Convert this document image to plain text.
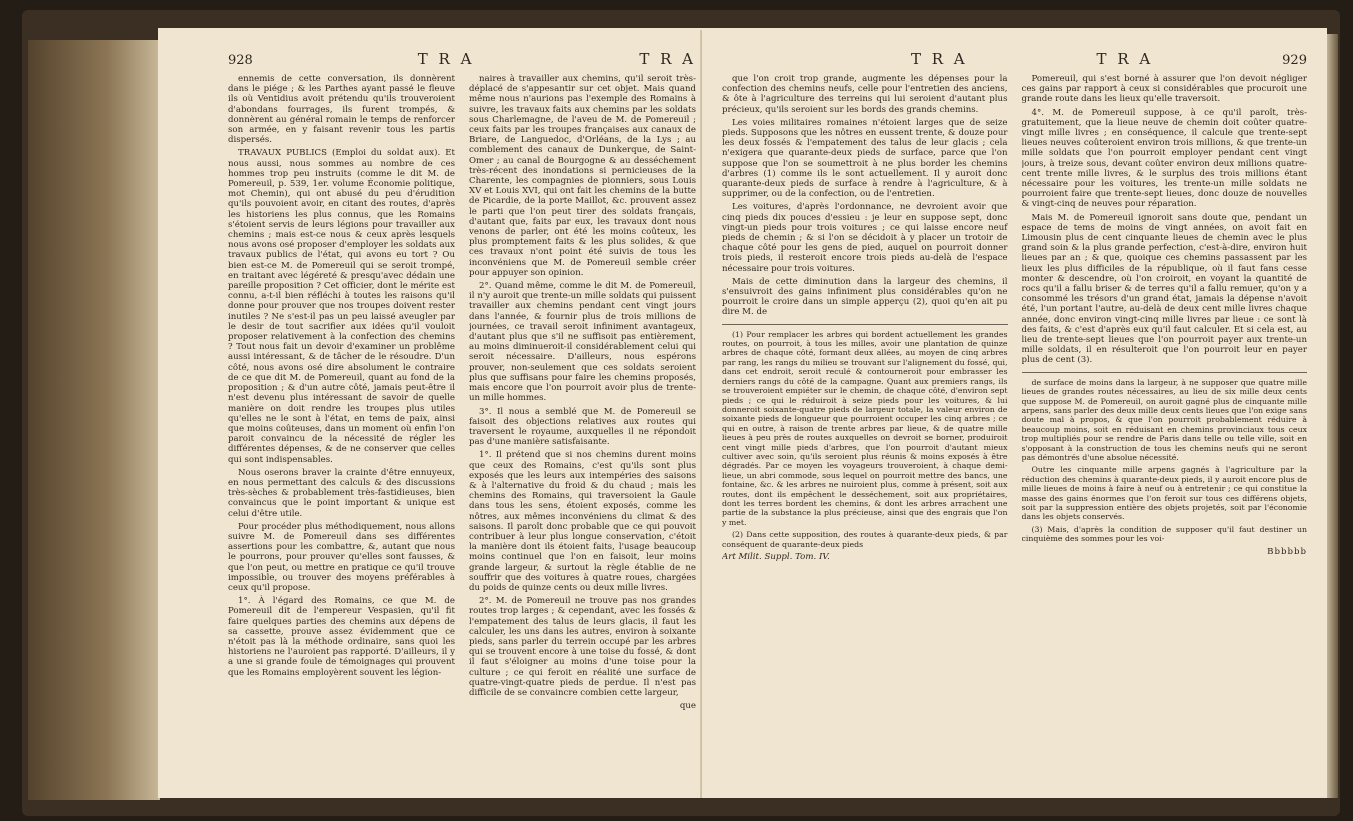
928	T R A	T R A

ennemis de cette conversation, ils donnèrent dans le piége ; & les Parthes ayant passé le fleuve ils où Ventidius avoit prétendu qu'ils trouveroient d'abondans fourrages, ils furent trompés, & donnèrent au général romain le temps de renforcer son armée, en y faisant revenir tous les partis dispersés.

TRAVAUX PUBLICS (Emploi du soldat aux). Et nous aussi, nous sommes au nombre de ces hommes trop peu instruits (comme le dit M. de Pomereuil, p. 539, 1er. volume Économie politique, mot Chemin), qui ont abusé du peu d'érudition qu'ils pouvoient avoir, en citant des routes, d'après les historiens les plus connus, que les Romains s'étoient servis de leurs légions pour travailler aux chemins ; mais est-ce nous & ceux après lesquels nous avons osé proposer d'employer les soldats aux travaux publics de l'état, qui avons eu tort ? Ou bien est-ce M. de Pomereuil qui se seroit trompé, en traitant avec légéreté & presqu'avec dédain une pareille proposition ? Cet officier, dont le mérite est connu, a-t-il bien réfléchi à toutes les raisons qu'il donne pour prouver que nos troupes doivent rester inutiles ? Ne s'est-il pas un peu laissé aveugler par le desir de tout sacrifier aux idées qu'il vouloit proposer relativement à la confection des chemins ? Tout nous fait un devoir d'examiner un problême aussi intéressant, & de tâcher de le résoudre. D'un côté, nous avons osé dire absolument le contraire de ce que dit M. de Pomereuil, quant au fond de la proposition ; & d'un autre côté, jamais peut-être il n'est devenu plus intéressant de savoir de quelle manière on doit rendre les troupes plus utiles qu'elles ne le sont à l'état, en tems de paix, ainsi que moins coûteuses, dans un moment où enfin l'on paroit convaincu de la nécessité de régler les différentes dépenses, & de ne conserver que celles qui sont indispensables.

Nous oserons braver la crainte d'être ennuyeux, en nous permettant des calculs & des discussions très-sèches & probablement très-fastidieuses, bien convaincus que le point important & unique est celui d'être utile.

Pour procéder plus méthodiquement, nous allons suivre M. de Pomereuil dans ses différentes assertions pour les combattre, &, autant que nous le pourrons, pour prouver qu'elles sont fausses, & que l'on peut, ou mettre en pratique ce qu'il trouve impossible, ou trouver des moyens préférables à ceux qu'il propose.

1°. À l'égard des Romains, ce que M. de Pomereuil dit de l'empereur Vespasien, qu'il fit faire quelques parties des chemins aux dépens de sa cassette, prouve assez évidemment que ce n'étoit pas là la méthode ordinaire, sans quoi les historiens ne l'auroient pas rapporté. D'ailleurs, il y a une si grande foule de témoignages qui prouvent que les Romains employèrent souvent les légion-

naires à travailler aux chemins, qu'il seroit très-déplacé de s'appesantir sur cet objet. Mais quand même nous n'aurions pas l'exemple des Romains à suivre, les travaux faits aux chemins par les soldats sous Charlemagne, de l'aveu de M. de Pomereuil ; ceux faits par les troupes françaises aux canaux de Briare, de Languedoc, d'Orléans, de la Lys ; au comblement des canaux de Dunkerque, de Saint-Omer ; au canal de Bourgogne & au desséchement très-récent des inondations si pernicieuses de la Charente, les compagnies de pionniers, sous Louis XV et Louis XVI, qui ont fait les chemins de la butte de Picardie, de la porte Maillot, &c. prouvent assez le parti que l'on peut tirer des soldats français, d'autant que, faits par eux, les travaux dont nous venons de parler, ont été les moins coûteux, les plus promptement faits & les plus solides, & que ces travaux n'ont point été suivis de tous les inconvéniens que M. de Pomereuil semble créer pour appuyer son opinion.

2°. Quand même, comme le dit M. de Pomereuil, il n'y auroit que trente-un mille soldats qui puissent travailler aux chemins pendant cent vingt jours dans l'année, & fournir plus de trois millions de journées, ce travail seroit infiniment avantageux, d'autant plus que s'il ne suffisoit pas entièrement, au moins diminueroit-il considérablement celui qui seroit nécessaire. D'ailleurs, nous espérons prouver, non-seulement que ces soldats seroient plus que suffisans pour faire les chemins proposés, mais encore que l'on pourroit avoir plus de trente-un mille hommes.

3°. Il nous a semblé que M. de Pomereuil se faisoit des objections relatives aux routes qui traversent le royaume, auxquelles il ne répondoit pas d'une manière satisfaisante.

1°. Il prétend que si nos chemins durent moins que ceux des Romains, c'est qu'ils sont plus exposés que les leurs aux intempéries des saisons & à l'alternative du froid & du chaud ; mais les chemins des Romains, qui traversoient la Gaule dans tous les sens, étoient exposés, comme les nôtres, aux mêmes inconvéniens du climat & des saisons. Il paroît donc probable que ce qui pouvoit contribuer à leur plus longue conservation, c'étoit la manière dont ils étoient faits, l'usage beaucoup moins continuel que l'on en faisoit, leur moins grande largeur, & surtout la règle établie de ne souffrir que des voitures à quatre roues, chargées du poids de quinze cents ou deux mille livres.

2°. M. de Pomereuil ne trouve pas nos grandes routes trop larges ; & cependant, avec les fossés & l'empatement des talus de leurs glacis, il faut les calculer, les uns dans les autres, environ à soixante pieds, sans parler du terrein occupé par les arbres qui se trouvent encore à une toise du fossé, & dont il faut s'éloigner au moins d'une toise pour la culture ; ce qui feroit en réalité une surface de quatre-vingt-quatre pieds de perdue. Il n'est pas difficile de se convaincre combien cette largeur,

que
T R A	T R A	929

que l'on croit trop grande, augmente les dépenses pour la confection des chemins neufs, celle pour l'entretien des anciens, & ôte à l'agriculture des terreins qui lui seroient d'autant plus précieux, qu'ils seroient sur les bords des grands chemins.

Les voies militaires romaines n'étoient larges que de seize pieds. Supposons que les nôtres en eussent trente, & douze pour les deux fossés & l'empatement des talus de leur glacis ; cela n'exigera que quarante-deux pieds de surface, parce que l'on suppose que l'on se soumettroit à ne plus border les chemins d'arbres (1) comme ils le sont actuellement. Il y auroit donc quarante-deux pieds de surface à rendre à l'agriculture, & à supprimer, ou de la confection, ou de l'entretien.

Les voitures, d'après l'ordonnance, ne devroient avoir que cinq pieds dix pouces d'essieu : je leur en suppose sept, donc vingt-un pieds pour trois voitures ; ce qui laisse encore neuf pieds de chemin ; & si l'on se décidoit à y placer un trotoir de chaque côté pour les gens de pied, auquel on pourroit donner trois pieds, il resteroit encore trois pieds au-delà de l'espace nécessaire pour trois voitures.

Mais de cette diminution dans la largeur des chemins, il s'ensuivroit des gains infiniment plus considérables qu'on ne pourroit le croire dans un simple apperçu (2), quoi qu'en ait pu dire M. de

(1) Pour remplacer les arbres qui bordent actuellement les grandes routes, on pourroit, à tous les milles, avoir une plantation de quinze arbres de chaque côté, formant deux allées, au moyen de cinq arbres par rang, les rangs du milieu se trouvant sur l'alignement du fossé, qui, dans cet endroit, seroit reculé & contourneroit pour embrasser les derniers rangs du côté de la campagne. Quant aux premiers rangs, ils se trouveroient empiéter sur le chemin, de chaque côté, d'environ sept pieds ; ce qui le réduiroit à seize pieds pour les voitures, & lui donneroit soixante-quatre pieds de largeur totale, la valeur environ de soixante pieds de longueur que pourroient occuper les cinq arbres ; ce qui en outre, à raison de trente arbres par lieue, & de quatre mille lieues à peu près de routes auxquelles on devroit se borner, produiroit cent vingt mille pieds d'arbres, que l'on pourroit d'autant mieux cultiver avec soin, qu'ils seroient plus réunis & moins exposés à être dégradés. Par ce moyen les voyageurs trouveroient, à chaque demi-lieue, un abri commode, sous lequel on pourroit mettre des bancs, une fontaine, &c. & les arbres ne nuiroient plus, comme à présent, soit aux routes, dont ils empêchent le desséchement, soit aux propriétaires, dont les terres bordent les chemins, & dont les arbres arrachent une partie de la substance la plus précieuse, ainsi que des engrais que l'on y met.

(2) Dans cette supposition, des routes à quarante-deux pieds, & par conséquent de quarante-deux pieds

Art Milit. Suppl. Tom. IV.

Pomereuil, qui s'est borné à assurer que l'on devoit négliger ces gains par rapport à ceux si considérables que procuroit une grande route dans les lieux qu'elle traversoit.

4°. M. de Pomereuil suppose, à ce qu'il paroît, très-gratuitement, que la lieue neuve de chemin doit coûter quatre-vingt mille livres ; en conséquence, il calcule que trente-sept lieues neuves coûteroient environ trois millions, & que trente-un mille soldats que l'on pourroit employer pendant cent vingt jours, à treize sous, devant coûter environ deux millions quatre-cent trente mille livres, & le surplus des trois millions étant nécessaire pour les voitures, les trente-un mille soldats ne pourroient faire que trente-sept lieues, donc douze de nouvelles & vingt-cinq de neuves pour réparation.

Mais M. de Pomereuil ignoroit sans doute que, pendant un espace de tems de moins de vingt années, on avoit fait en Limousin plus de cent cinquante lieues de chemin avec le plus grand soin & la plus grande perfection, c'est-à-dire, environ huit lieues par an ; & que, quoique ces chemins passassent par les lieux les plus difficiles de la république, où il faut fans cesse monter & descendre, où l'on croiroit, en voyant la quantité de rocs qu'il a fallu briser & de terres qu'il a fallu remuer, qu'on y a consommé les trésors d'un grand état, jamais la dépense n'avoit été, l'un portant l'autre, au-delà de deux cent mille livres chaque année, donc environ vingt-cinq mille livres par lieue : ce sont là des faits, & c'est d'après eux qu'il faut calculer. Et si cela est, au lieu de trente-sept lieues que l'on pourroit payer aux trente-un mille soldats, il en résulteroit que l'on pourroit leur en payer plus de cent (3).

de surface de moins dans la largeur, à ne supposer que quatre mille lieues de grandes routes nécessaires, au lieu de six mille deux cents que suppose M. de Pomereuil, on auroit gagné plus de cinquante mille arpens, sans parler des deux mille deux cents lieues que l'on exige sans doute mal à propos, & que l'on pourroit probablement réduire à beaucoup moins, soit en réduisant en chemins provinciaux tous ceux trop multipliés pour se rendre de Paris dans telle ou telle ville, soit en s'opposant à la construction de tous les chemins neufs qui ne seront pas démontrés d'une absolue nécessité.

Outre les cinquante mille arpens gagnés à l'agriculture par la réduction des chemins à quarante-deux pieds, il y auroit encore plus de mille lieues de moins à faire à neuf ou à entretenir ; ce qui constitue la masse des gains énormes que l'on feroit sur tous ces différens objets, soit par la suppression entière des objets projetés, soit par l'économie dans les objets conservés.

(3) Mais, d'après la condition de supposer qu'il faut destiner un cinquième des sommes pour les voi-

Bbbbbb
